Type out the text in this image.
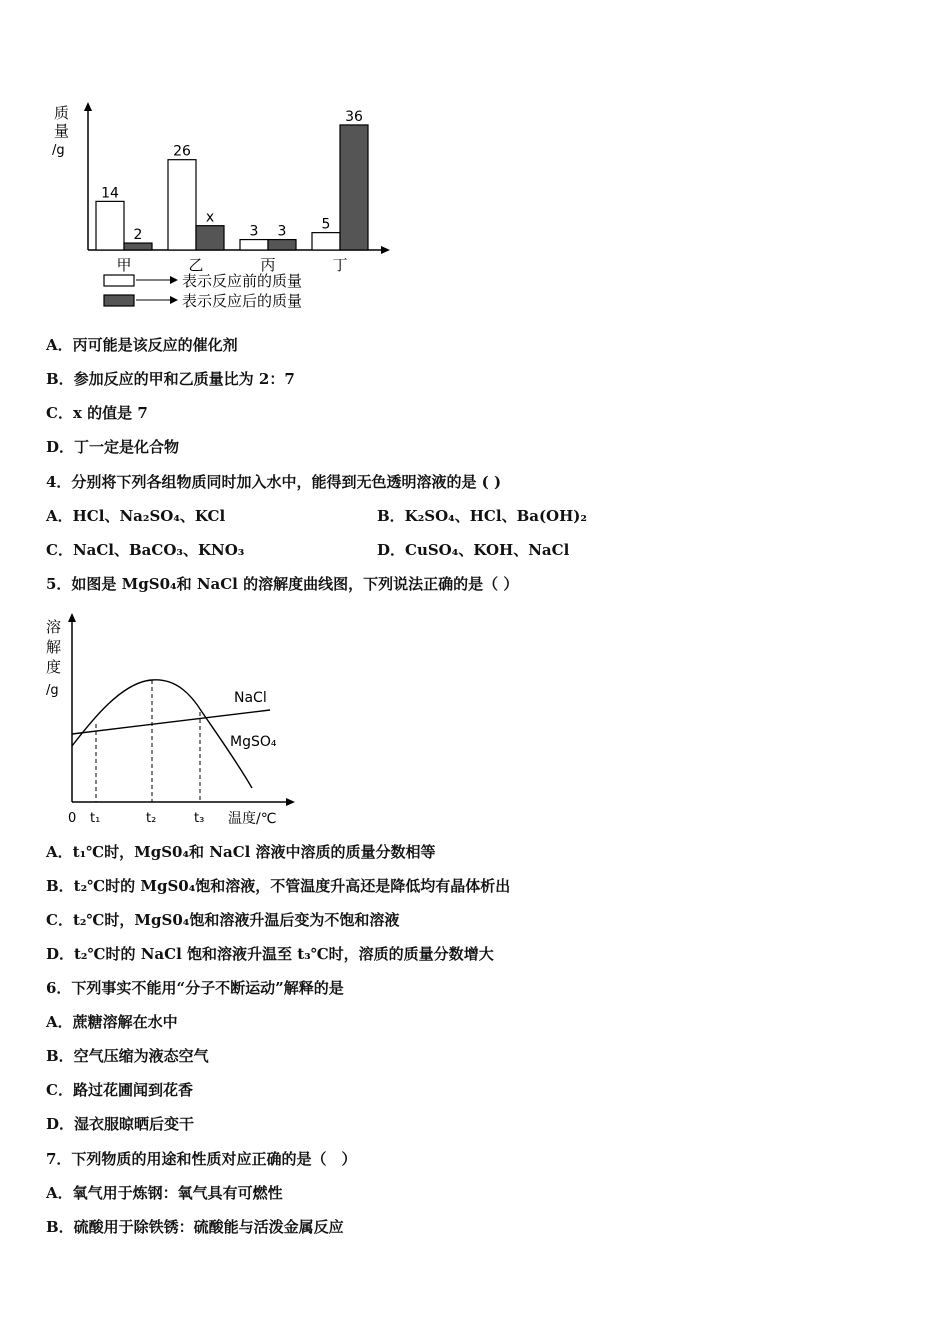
质
量
/g
14
2
26
x
3 3	5
36
甲	乙	丙	丁
表示反应前的质量
表示反应后的质量
A．丙可能是该反应的催化剂
B．参加反应的甲和乙质量比为 2：7
C．x 的值是 7
D．丁一定是化合物
4．分别将下列各组物质同时加入水中，能得到无色透明溶液的是 ( )
A．HCl、Na₂SO₄、KCl	B．K₂SO₄、HCl、Ba(OH)₂
C．NaCl、BaCO₃、KNO₃	D．CuSO₄、KOH、NaCl
5．如图是 MgS0₄和 NaCl 的溶解度曲线图，下列说法正确的是（ ）
溶
解
度
/g	NaCl
MgSO₄
0 t₁	t₂	t₃ 温度/℃
A．t₁℃时，MgS0₄和 NaCl 溶液中溶质的质量分数相等
B．t₂℃时的 MgS0₄饱和溶液，不管温度升高还是降低均有晶体析出
C．t₂℃时，MgS0₄饱和溶液升温后变为不饱和溶液
D．t₂℃时的 NaCl 饱和溶液升温至 t₃℃时，溶质的质量分数增大
6．下列事实不能用“分子不断运动”解释的是
A．蔗糖溶解在水中
B．空气压缩为液态空气
C．路过花圃闻到花香
D．湿衣服晾晒后变干
7．下列物质的用途和性质对应正确的是（　）
A．氧气用于炼钢：氧气具有可燃性
B．硫酸用于除铁锈：硫酸能与活泼金属反应
